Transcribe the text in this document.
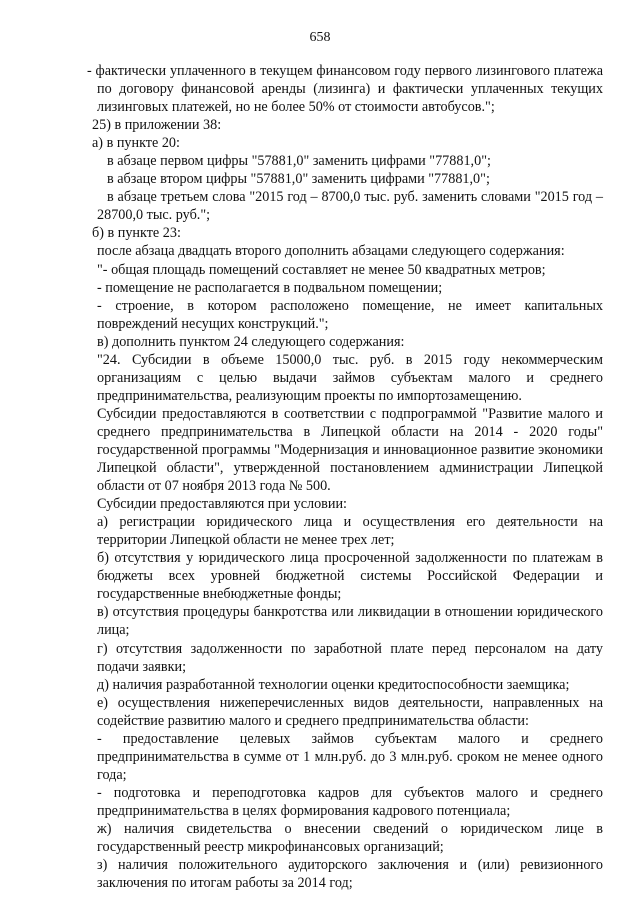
658

- фактически уплаченного в текущем финансовом году первого лизингового платежа по договору финансовой аренды (лизинга) и фактически уплаченных текущих лизинговых платежей, но не более 50% от стоимости автобусов.";

25) в приложении 38:

а) в пункте 20:

в абзаце первом цифры "57881,0" заменить цифрами "77881,0";

в абзаце втором цифры "57881,0" заменить цифрами "77881,0";

в абзаце третьем слова "2015 год – 8700,0 тыс. руб. заменить словами "2015 год – 28700,0 тыс. руб.";

б) в пункте 23:

после абзаца двадцать второго дополнить абзацами следующего содержания:

"- общая площадь помещений составляет не менее 50 квадратных метров;

- помещение не располагается в подвальном помещении;

- строение, в котором расположено помещение, не имеет капитальных повреждений несущих конструкций.";

в) дополнить пунктом 24 следующего содержания:

"24. Субсидии в объеме 15000,0 тыс. руб. в 2015 году некоммерческим организациям с целью выдачи займов субъектам малого и среднего предпринимательства, реализующим проекты по импортозамещению.

Субсидии предоставляются в соответствии с подпрограммой "Развитие малого и среднего предпринимательства в Липецкой области на 2014 - 2020 годы" государственной программы "Модернизация и инновационное развитие экономики Липецкой области", утвержденной постановлением администрации Липецкой области от 07 ноября 2013 года № 500.

Субсидии предоставляются при условии:

а) регистрации юридического лица и осуществления его деятельности на территории Липецкой области не менее трех лет;

б) отсутствия у юридического лица просроченной задолженности по платежам в бюджеты всех уровней бюджетной системы Российской Федерации и государственные внебюджетные фонды;

в) отсутствия процедуры банкротства или ликвидации в отношении юридического лица;

г) отсутствия задолженности по заработной плате перед персоналом на дату подачи заявки;

д) наличия разработанной технологии оценки кредитоспособности заемщика;

е) осуществления нижеперечисленных видов деятельности, направленных на содействие развитию малого и среднего предпринимательства области:

- предоставление целевых займов субъектам малого и среднего предпринимательства в сумме от 1 млн.руб. до 3 млн.руб. сроком не менее одного года;

- подготовка и переподготовка кадров для субъектов малого и среднего предпринимательства в целях формирования кадрового потенциала;

ж) наличия свидетельства о внесении сведений о юридическом лице в государственный реестр микрофинансовых организаций;

з) наличия положительного аудиторского заключения и (или) ревизионного заключения по итогам работы за 2014 год;
